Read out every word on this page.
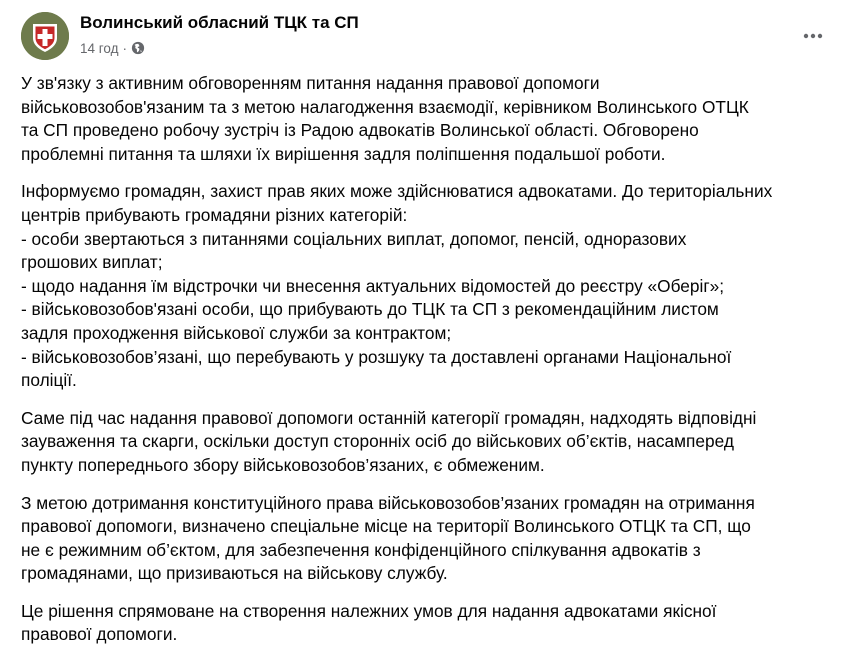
Волинський обласний ТЦК та СП
14 год ·

У зв'язку з активним обговоренням питання надання правової допомоги
військовозобов'язаним та з метою налагодження взаємодії, керівником Волинського ОТЦК
та СП проведено робочу зустріч із Радою адвокатів Волинської області. Обговорено
проблемні питання та шляхи їх вирішення задля поліпшення подальшої роботи.

Інформуємо громадян, захист прав яких може здійснюватися адвокатами. До територіальних
центрів прибувають громадяни різних категорій:
- особи звертаються з питаннями соціальних виплат, допомог, пенсій, одноразових
грошових виплат;
- щодо надання їм відстрочки чи внесення актуальних відомостей до реєстру «Оберіг»;
- військовозобов'язані особи, що прибувають до ТЦК та СП з рекомендаційним листом
задля проходження військової служби за контрактом;
- військовозобов’язані, що перебувають у розшуку та доставлені органами Національної
поліції.

Саме під час надання правової допомоги останній категорії громадян, надходять відповідні
зауваження та скарги, оскільки доступ сторонніх осіб до військових об’єктів, насамперед
пункту попереднього збору військовозобов’язаних, є обмеженим.

З метою дотримання конституційного права військовозобов’язаних громадян на отримання
правової допомоги, визначено спеціальне місце на території Волинського ОТЦК та СП, що
не є режимним об’єктом, для забезпечення конфіденційного спілкування адвокатів з
громадянами, що призиваються на військову службу.

Це рішення спрямоване на створення належних умов для надання адвокатами якісної
правової допомоги.
